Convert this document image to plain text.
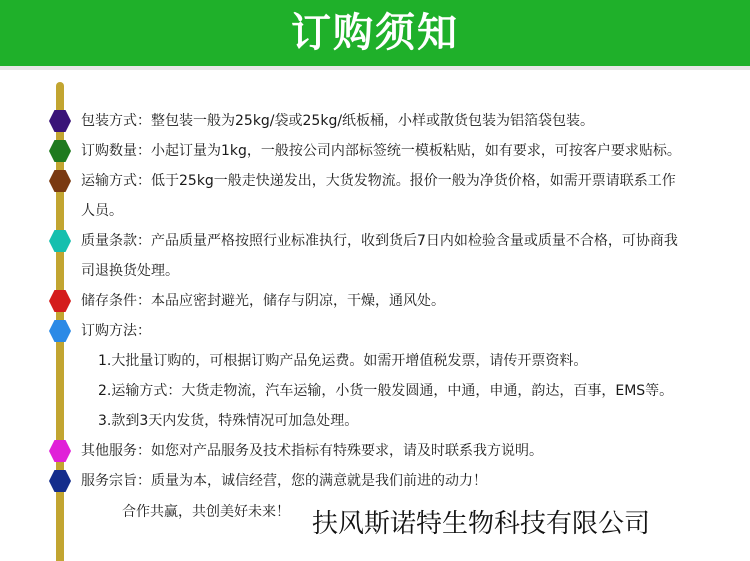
订购须知
包装方式：整包装一般为25kg/袋或25kg/纸板桶，小样或散货包装为铝箔袋包装。
订购数量：小起订量为1kg，一般按公司内部标签统一模板粘贴，如有要求，可按客户要求贴标。
运输方式：低于25kg一般走快递发出，大货发物流。报价一般为净货价格，如需开票请联系工作
人员。
质量条款：产品质量严格按照行业标准执行，收到货后7日内如检验含量或质量不合格，可协商我
司退换货处理。
储存条件：本品应密封避光，储存与阴凉，干燥，通风处。
订购方法：
1.大批量订购的，可根据订购产品免运费。如需开增值税发票，请传开票资料。
2.运输方式：大货走物流，汽车运输，小货一般发圆通，中通，申通，韵达，百事，EMS等。
3.款到3天内发货，特殊情况可加急处理。
其他服务：如您对产品服务及技术指标有特殊要求，请及时联系我方说明。
服务宗旨：质量为本，诚信经营，您的满意就是我们前进的动力！
合作共赢，共创美好未来！ 扶风斯诺特生物科技有限公司
